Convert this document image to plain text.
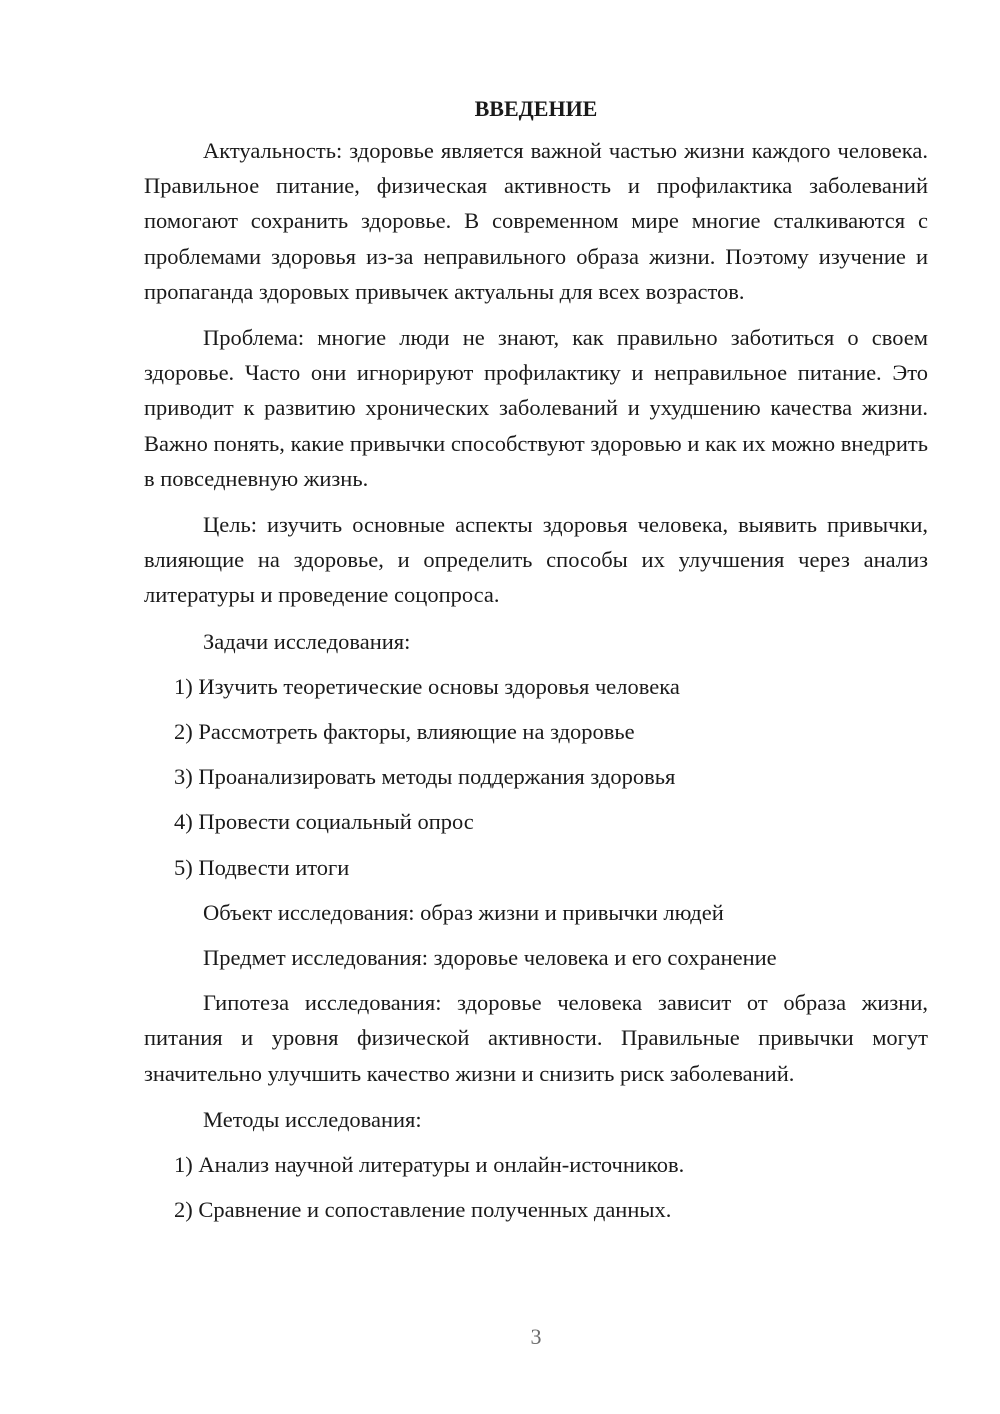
ВВЕДЕНИЕ

Актуальность: здоровье является важной частью жизни каждого человека. Правильное питание, физическая активность и профилактика заболеваний помогают сохранить здоровье. В современном мире многие сталкиваются с проблемами здоровья из-за неправильного образа жизни. Поэтому изучение и пропаганда здоровых привычек актуальны для всех возрастов.

Проблема: многие люди не знают, как правильно заботиться о своем здоровье. Часто они игнорируют профилактику и неправильное питание. Это приводит к развитию хронических заболеваний и ухудшению качества жизни. Важно понять, какие привычки способствуют здоровью и как их можно внедрить в повседневную жизнь.

Цель: изучить основные аспекты здоровья человека, выявить привычки, влияющие на здоровье, и определить способы их улучшения через анализ литературы и проведение соцопроса.

Задачи исследования:

1) Изучить теоретические основы здоровья человека
2) Рассмотреть факторы, влияющие на здоровье
3) Проанализировать методы поддержания здоровья
4) Провести социальный опрос
5) Подвести итоги

Объект исследования: образ жизни и привычки людей

Предмет исследования: здоровье человека и его сохранение

Гипотеза исследования: здоровье человека зависит от образа жизни, питания и уровня физической активности. Правильные привычки могут значительно улучшить качество жизни и снизить риск заболеваний.

Методы исследования:

1) Анализ научной литературы и онлайн-источников.
2) Сравнение и сопоставление полученных данных.
3
